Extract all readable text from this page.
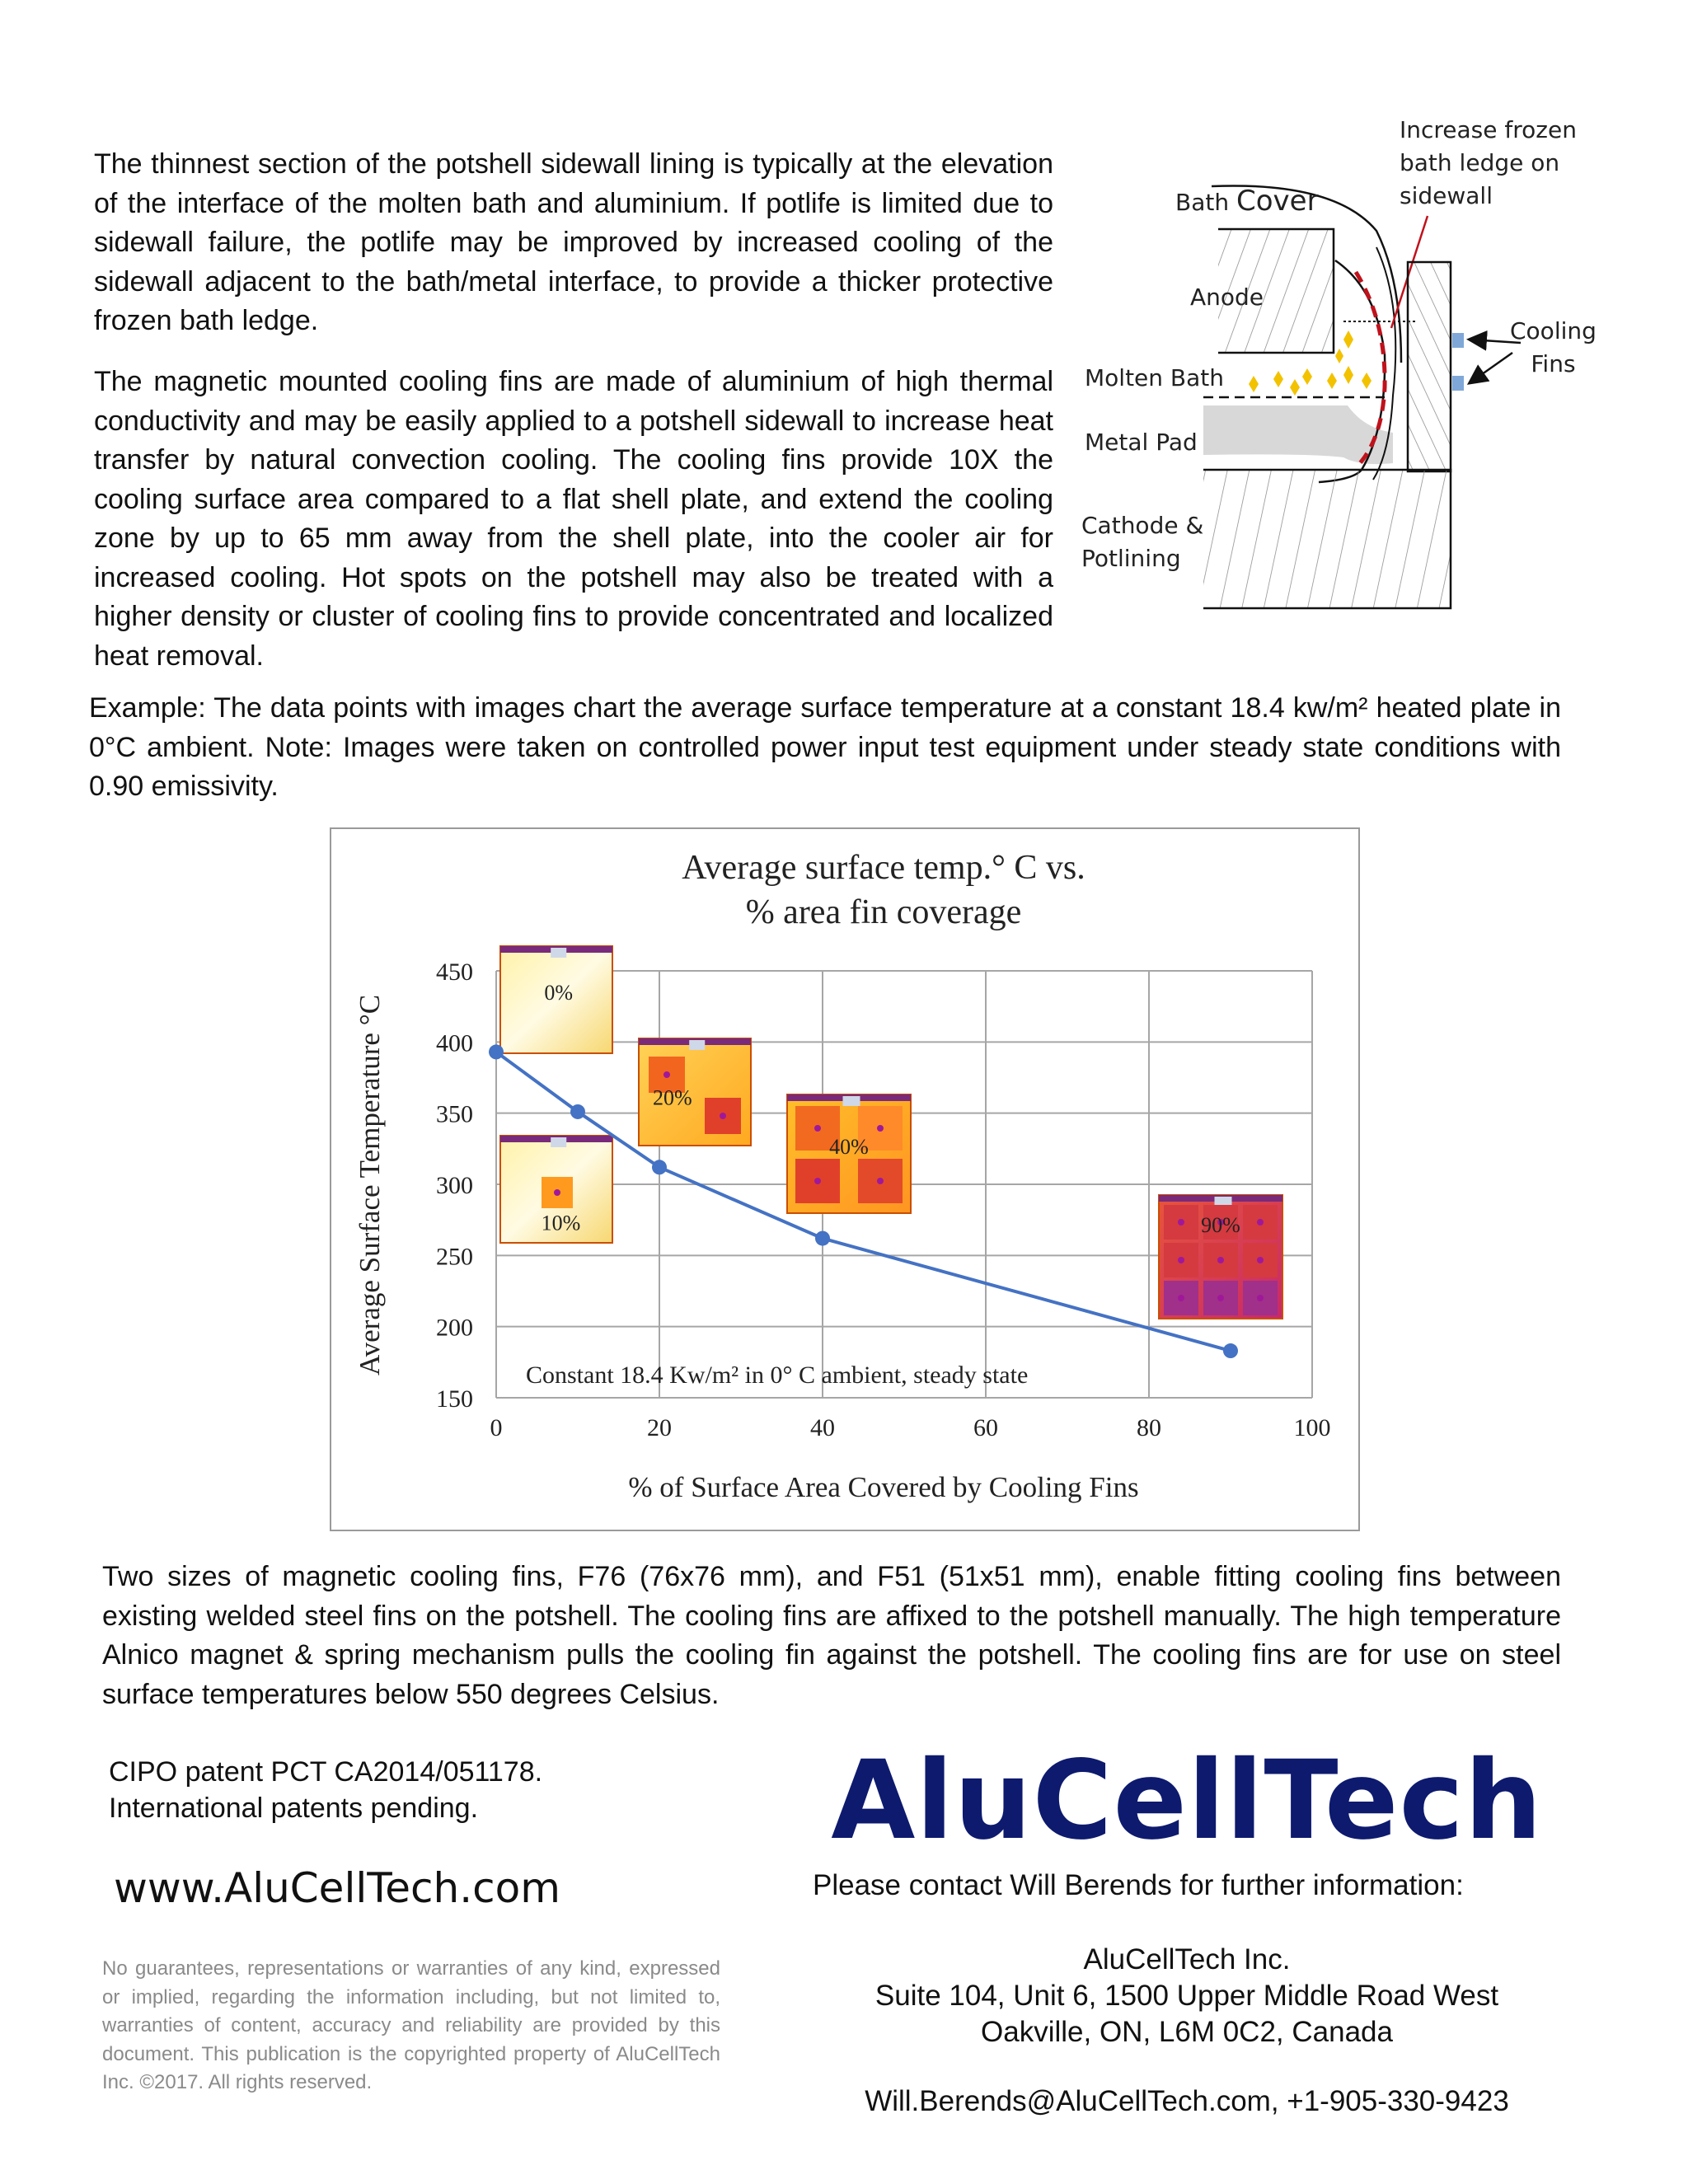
The thinnest section of the potshell sidewall lining is typically at the elevation of the interface of the molten bath and aluminium. If potlife is limited due to sidewall failure, the potlife may be improved by increased cooling of the sidewall adjacent to the bath/metal interface, to provide a thicker protective frozen bath ledge.
The magnetic mounted cooling fins are made of aluminium of high thermal conductivity and may be easily applied to a potshell sidewall to increase heat transfer by natural convection cooling. The cooling fins provide 10X the cooling surface area compared to a flat shell plate, and extend the cooling zone by up to 65 mm away from the shell plate, into the cooler air for increased cooling. Hot spots on the potshell may also be treated with a higher density or cluster of cooling fins to provide concentrated and localized heat removal.
Increase frozen
bath ledge on
sidewall
Bath Cover
Anode
Cooling
Fins
Molten Bath
Metal Pad
Cathode &
Potlining
Example: The data points with images chart the average surface temperature at a constant 18.4 kw/m² heated plate in 0°C ambient. Note: Images were taken on controlled power input test equipment under steady state conditions with 0.90 emissivity.
0	20	40	60	80	100
150
200
250
300
350
400
450
0%
10%
20%
40%
90%
Average surface temp.° C vs.
% area fin coverage
% of Surface Area Covered by Cooling Fins
Average Surface Temperature °C	Constant 18.4 Kw/m² in 0° C ambient, steady state
Two sizes of magnetic cooling fins, F76 (76x76 mm), and F51 (51x51 mm), enable fitting cooling fins between existing welded steel fins on the potshell. The cooling fins are affixed to the potshell manually. The high temperature Alnico magnet & spring mechanism pulls the cooling fin against the potshell. The cooling fins are for use on steel surface temperatures below 550 degrees Celsius.
CIPO patent PCT CA2014/051178.
International patents pending.
www.AluCellTech.com
No guarantees, representations or warranties of any kind, expressed or implied, regarding the information including, but not limited to, warranties of content, accuracy and reliability are provided by this document. This publication is the copyrighted property of AluCellTech Inc. ©2017. All rights reserved.
AluCellTech
Please contact Will Berends for further information:
AluCellTech Inc.
Suite 104, Unit 6, 1500 Upper Middle Road West
Oakville, ON, L6M 0C2, Canada
Will.Berends@AluCellTech.com, +1-905-330-9423
